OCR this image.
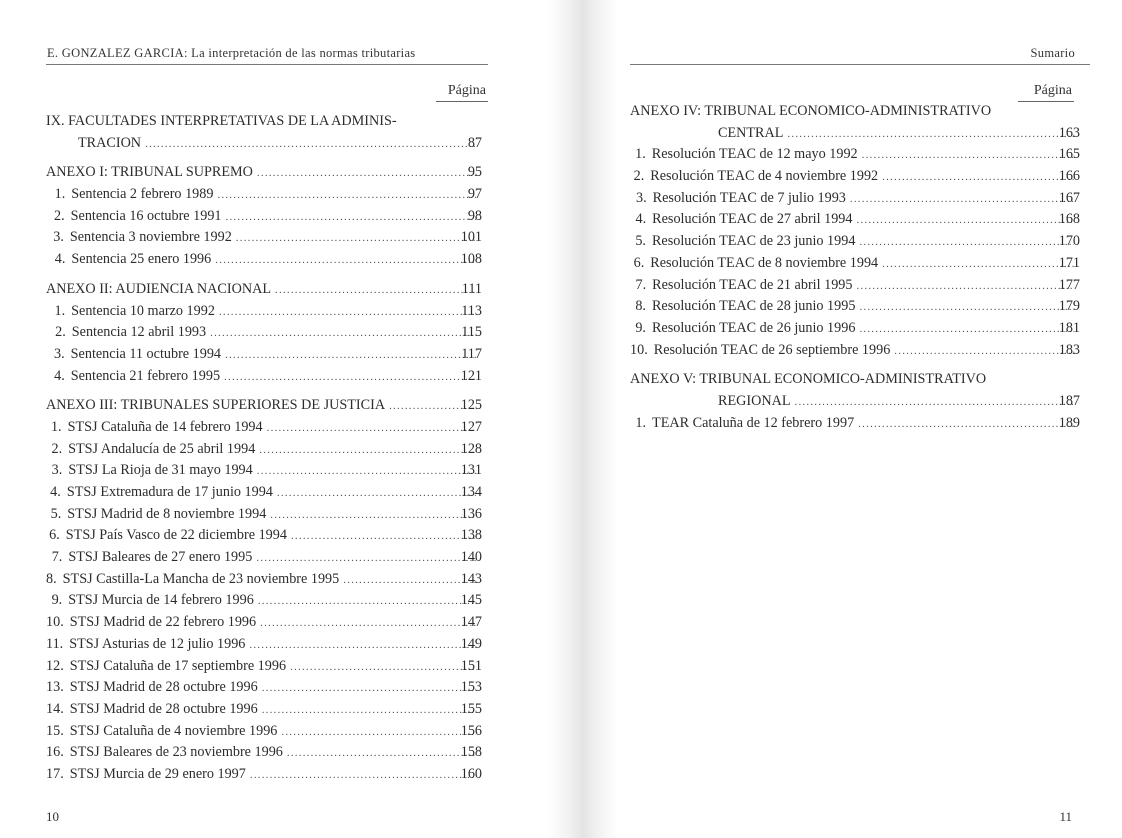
E. GONZALEZ GARCIA: La interpretación de las normas tributarias
Página
IX. FACULTADES INTERPRETATIVAS DE LA ADMINIS-
TRACION .....	87
ANEXO I: TRIBUNAL SUPREMO .....	95
1. Sentencia 2 febrero 1989 .....	97
2. Sentencia 16 octubre 1991 .....	98
3. Sentencia 3 noviembre 1992 .....	101
4. Sentencia 25 enero 1996 .....	108
ANEXO II: AUDIENCIA NACIONAL .....	111
1. Sentencia 10 marzo 1992 .....	113
2. Sentencia 12 abril 1993 .....	115
3. Sentencia 11 octubre 1994 .....	117
4. Sentencia 21 febrero 1995 .....	121
ANEXO III: TRIBUNALES SUPERIORES DE JUSTICIA .....	125
1. STSJ Cataluña de 14 febrero 1994 .....	127
2. STSJ Andalucía de 25 abril 1994 .....	128
3. STSJ La Rioja de 31 mayo 1994 .....	131
4. STSJ Extremadura de 17 junio 1994 .....	134
5. STSJ Madrid de 8 noviembre 1994 .....	136
6. STSJ País Vasco de 22 diciembre 1994 .....	138
7. STSJ Baleares de 27 enero 1995 .....	140
8. STSJ Castilla-La Mancha de 23 noviembre 1995 .....	143
9. STSJ Murcia de 14 febrero 1996 .....	145
10. STSJ Madrid de 22 febrero 1996 .....	147
11. STSJ Asturias de 12 julio 1996 .....	149
12. STSJ Cataluña de 17 septiembre 1996 .....	151
13. STSJ Madrid de 28 octubre 1996 .....	153
14. STSJ Madrid de 28 octubre 1996 .....	155
15. STSJ Cataluña de 4 noviembre 1996 .....	156
16. STSJ Baleares de 23 noviembre 1996 .....	158
17. STSJ Murcia de 29 enero 1997 .....	160
10
Sumario
Página
ANEXO IV: TRIBUNAL ECONOMICO-ADMINISTRATIVO
CENTRAL .....	163
1. Resolución TEAC de 12 mayo 1992 .....	165
2. Resolución TEAC de 4 noviembre 1992 .....	166
3. Resolución TEAC de 7 julio 1993 .....	167
4. Resolución TEAC de 27 abril 1994 .....	168
5. Resolución TEAC de 23 junio 1994 .....	170
6. Resolución TEAC de 8 noviembre 1994 .....	171
7. Resolución TEAC de 21 abril 1995 .....	177
8. Resolución TEAC de 28 junio 1995 .....	179
9. Resolución TEAC de 26 junio 1996 .....	181
10. Resolución TEAC de 26 septiembre 1996 .....	183
ANEXO V: TRIBUNAL ECONOMICO-ADMINISTRATIVO
REGIONAL .....	187
1. TEAR Cataluña de 12 febrero 1997 .....	189
11
